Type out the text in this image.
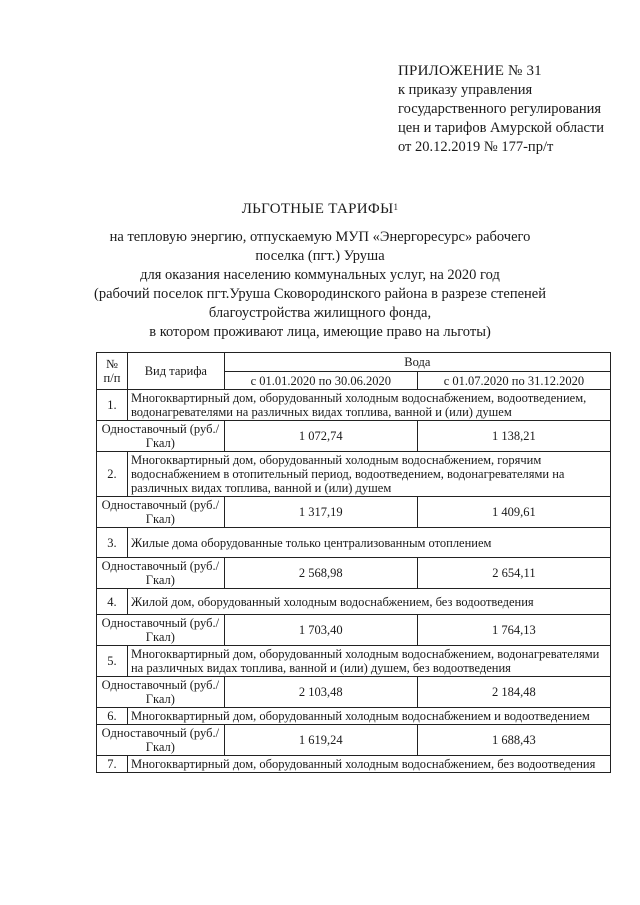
ПРИЛОЖЕНИЕ № 31
к приказу управления
государственного регулирования
цен и тарифов Амурской области
от 20.12.2019 № 177-пр/т
ЛЬГОТНЫЕ ТАРИФЫ$^1$
на тепловую энергию, отпускаемую МУП «Энергоресурс» рабочего
поселка (пгт.) Уруша
для оказания населению коммунальных услуг, на 2020 год
(рабочий поселок пгт.Уруша Сковородинского района в разрезе степеней
благоустройства жилищного фонда,
в котором проживают лица, имеющие право на льготы)
№ п/п	Вид тарифа	Вода	
		с 01.01.2020 по 30.06.2020	с 01.07.2020 по 31.12.2020
1.	Многоквартирный дом, оборудованный холодным водоснабжением, водоотведением, водонагревателями на различных видах топлива, ванной и (или) душем		
Одноставочный (руб./Гкал)		1 072,74	1 138,21
2.	Многоквартирный дом, оборудованный холодным водоснабжением, горячим водоснабжением в отопительный период, водоотведением, водонагревателями на различных видах топлива, ванной и (или) душем		
Одноставочный (руб./Гкал)		1 317,19	1 409,61
3.	Жилые дома оборудованные только централизованным отоплением		
Одноставочный (руб./Гкал)		2 568,98	2 654,11
4.	Жилой дом, оборудованный холодным водоснабжением, без водоотведения		
Одноставочный (руб./Гкал)		1 703,40	1 764,13
5.	Многоквартирный дом, оборудованный холодным водоснабжением, водонагревателями на различных видах топлива, ванной и (или) душем, без водоотведения		
Одноставочный (руб./Гкал)		2 103,48	2 184,48
6.	Многоквартирный дом, оборудованный холодным водоснабжением и водоотведением		
Одноставочный (руб./Гкал)		1 619,24	1 688,43
7.	Многоквартирный дом, оборудованный холодным водоснабжением, без водоотведения		
